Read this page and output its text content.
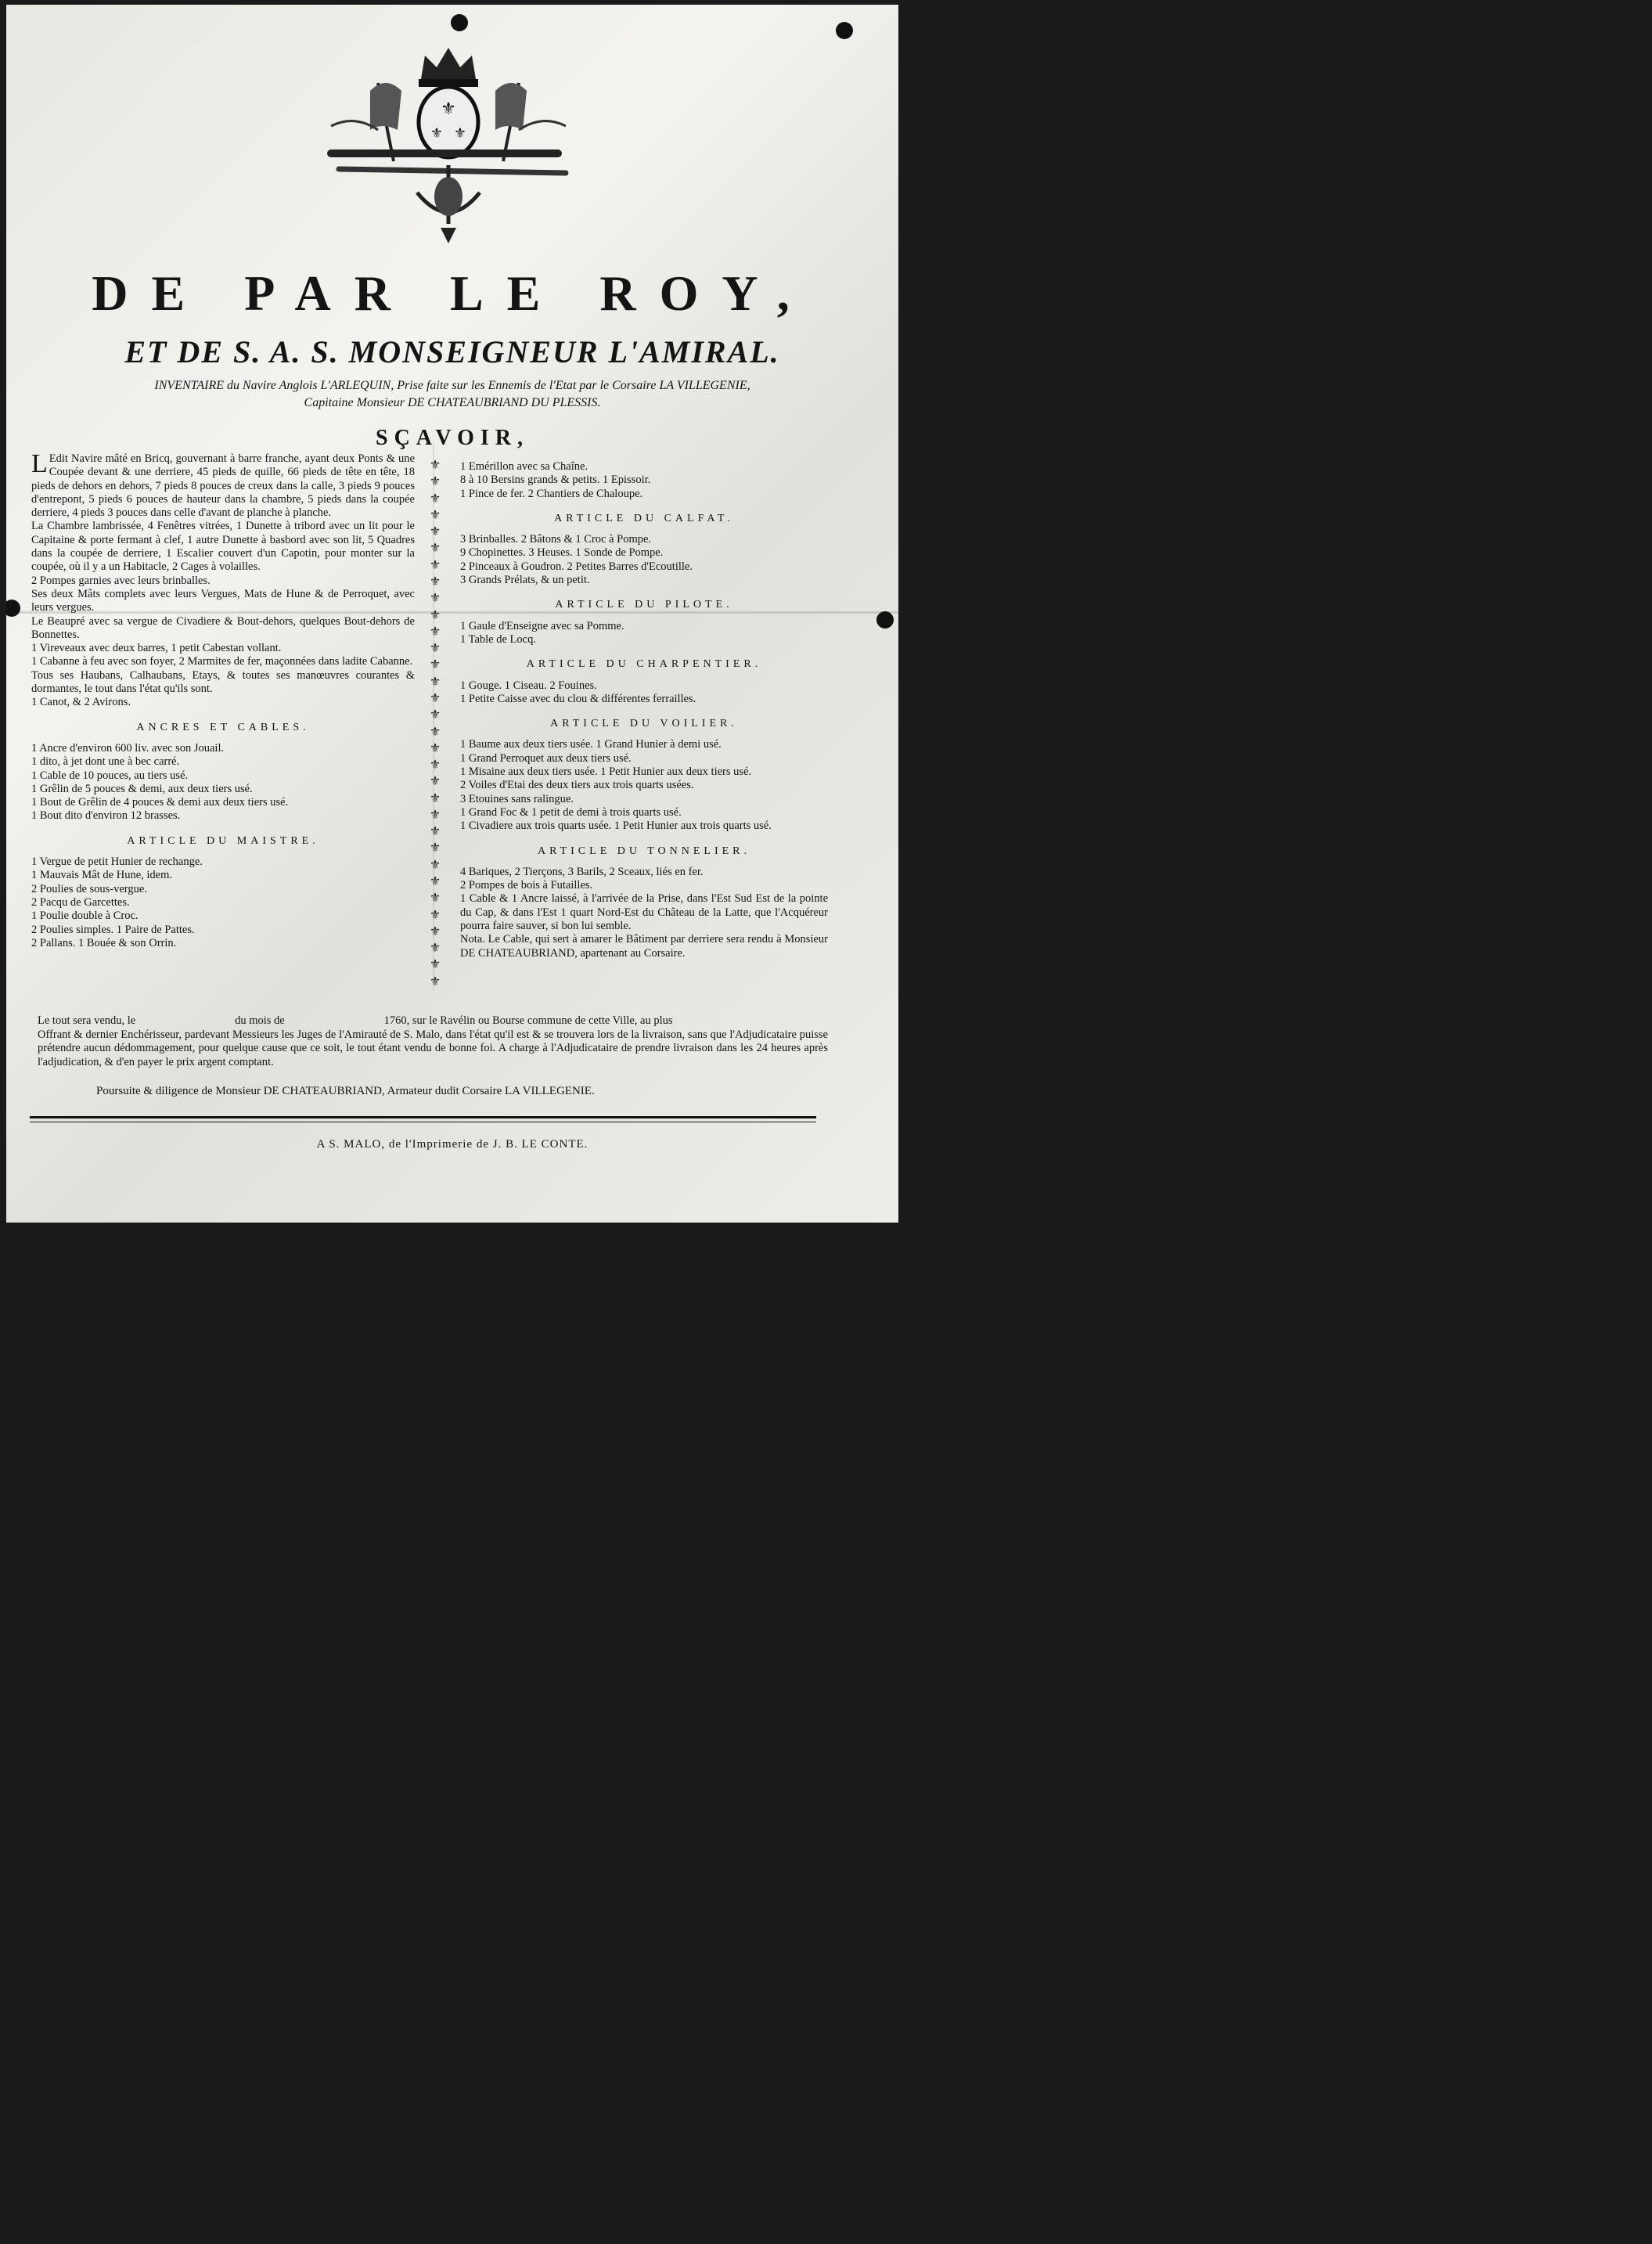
⚜
⚜ ⚜
DE PAR LE ROY,
ET DE S. A. S. MONSEIGNEUR L'AMIRAL.
INVENTAIRE du Navire Anglois L'ARLEQUIN, Prise faite sur les Ennemis de l'Etat par le Corsaire LA VILLEGENIE,
Capitaine Monsieur DE CHATEAUBRIAND DU PLESSIS.
SÇAVOIR,

L Edit Navire mâté en Bricq, gouvernant à barre franche, ayant deux Ponts & une Coupée devant & une derriere, 45 pieds de quille, 66 pieds de tête en tête, 18 pieds de dehors en dehors, 7 pieds 8 pouces de creux dans la calle, 3 pieds 9 pouces d'entrepont, 5 pieds 6 pouces de hauteur dans la chambre, 5 pieds dans la coupée derriere, 4 pieds 3 pouces dans celle d'avant de planche à planche.

La Chambre lambrissée, 4 Fenêtres vitrées, 1 Dunette à tribord avec un lit pour le Capitaine & porte fermant à clef, 1 autre Dunette à basbord avec son lit, 5 Quadres dans la coupée de derriere, 1 Escalier couvert d'un Capotin, pour monter sur la coupée, où il y a un Habitacle, 2 Cages à volailles.

2 Pompes garnies avec leurs brinballes.

Ses deux Mâts complets avec leurs Vergues, Mats de Hune & de Perroquet, avec leurs vergues.

Le Beaupré avec sa vergue de Civadiere & Bout-dehors, quelques Bout-dehors de Bonnettes.

1 Vireveaux avec deux barres, 1 petit Cabestan vollant.

1 Cabanne à feu avec son foyer, 2 Marmites de fer, maçonnées dans ladite Cabanne.

Tous ses Haubans, Calhaubans, Etays, & toutes ses manœuvres courantes & dormantes, le tout dans l'état qu'ils sont.

1 Canot, & 2 Avirons.

ANCRES ET CABLES.

1 Ancre d'environ 600 liv. avec son Jouail.

1 dito, à jet dont une à bec carré.

1 Cable de 10 pouces, au tiers usé.

1 Grêlin de 5 pouces & demi, aux deux tiers usé.

1 Bout de Grêlin de 4 pouces & demi aux deux tiers usé.

1 Bout dito d'environ 12 brasses.

ARTICLE DU MAISTRE.

1 Vergue de petit Hunier de rechange.

1 Mauvais Mât de Hune, idem.

2 Poulies de sous-vergue.

2 Pacqu de Garcettes.

1 Poulie double à Croc.

2 Poulies simples. 1 Paire de Pattes.

2 Pallans. 1 Bouée & son Orrin.

⚜
⚜
⚜
⚜
⚜
⚜
⚜
⚜
⚜
⚜
⚜
⚜
⚜
⚜
⚜
⚜
⚜
⚜
⚜
⚜
⚜
⚜
⚜
⚜
⚜
⚜
⚜
⚜
⚜
⚜
⚜
⚜

1 Emérillon avec sa Chaîne.

8 à 10 Bersins grands & petits. 1 Epissoir.

1 Pince de fer. 2 Chantiers de Chaloupe.

ARTICLE DU CALFAT.

3 Brinballes. 2 Bâtons & 1 Croc à Pompe.

9 Chopinettes. 3 Heuses. 1 Sonde de Pompe.

2 Pinceaux à Goudron. 2 Petites Barres d'Ecoutille.

3 Grands Prélats, & un petit.

ARTICLE DU PILOTE.

1 Gaule d'Enseigne avec sa Pomme.

1 Table de Locq.

ARTICLE DU CHARPENTIER.

1 Gouge. 1 Ciseau. 2 Fouines.

1 Petite Caisse avec du clou & différentes ferrailles.

ARTICLE DU VOILIER.

1 Baume aux deux tiers usée. 1 Grand Hunier à demi usé.

1 Grand Perroquet aux deux tiers usé.

1 Misaine aux deux tiers usée. 1 Petit Hunier aux deux tiers usé.

2 Voiles d'Etai des deux tiers aux trois quarts usées.

3 Etouines sans ralingue.

1 Grand Foc & 1 petit de demi à trois quarts usé.

1 Civadiere aux trois quarts usée. 1 Petit Hunier aux trois quarts usé.

ARTICLE DU TONNELIER.

4 Bariques, 2 Tierçons, 3 Barils, 2 Sceaux, liés en fer.

2 Pompes de bois à Futailles.

1 Cable & 1 Ancre laissé, à l'arrivée de la Prise, dans l'Est Sud Est de la pointe du Cap, & dans l'Est 1 quart Nord-Est du Château de la Latte, que l'Acquéreur pourra faire sauver, si bon lui semble.

Nota. Le Cable, qui sert à amarer le Bâtiment par derriere sera rendu à Monsieur DE CHATEAUBRIAND, apartenant au Corsaire.

Le tout sera vendu, le                                   du mois de                                   1760, sur le Ravélin ou Bourse commune de cette Ville, au plus

Offrant & dernier Enchérisseur, pardevant Messieurs les Juges de l'Amirauté de S. Malo, dans l'état qu'il est & se trouvera lors de la livraison, sans que l'Adjudicataire puisse prétendre aucun dédommagement, pour quelque cause que ce soit, le tout étant vendu de bonne foi. A charge à l'Adjudicataire de prendre livraison dans les 24 heures après l'adjudication, & d'en payer le prix argent comptant.

Poursuite & diligence de Monsieur DE CHATEAUBRIAND, Armateur dudit Corsaire LA VILLEGENIE.
A S. MALO, de l'Imprimerie de J. B. LE CONTE.
